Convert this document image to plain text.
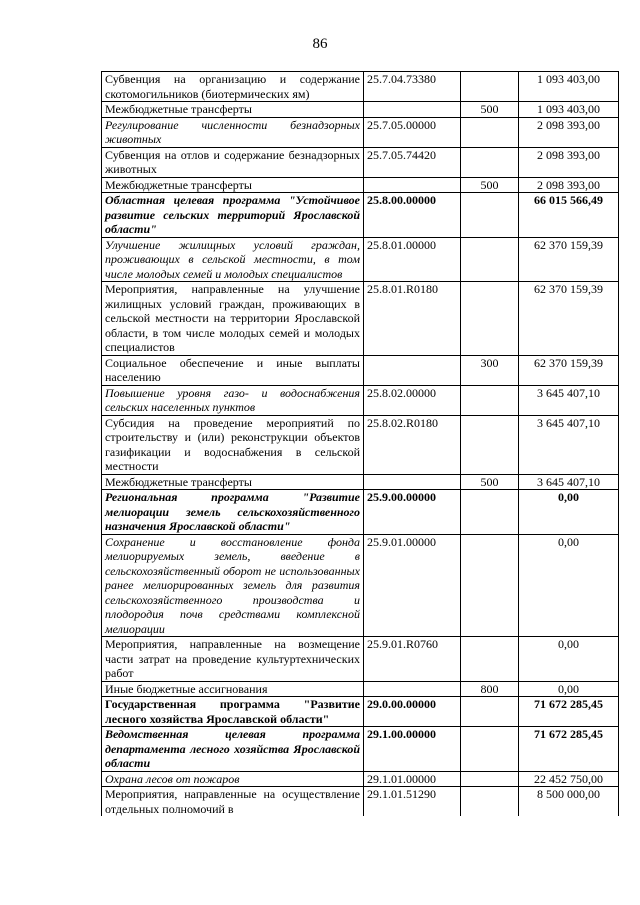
86
Субвенция на организацию и содержание скотомогильников (биотермических ям)	25.7.04.73380		1 093 403,00
Межбюджетные трансферты		500	1 093 403,00
Регулирование численности безнадзорных животных	25.7.05.00000		2 098 393,00
Субвенция на отлов и содержание безнадзорных животных	25.7.05.74420		2 098 393,00
Межбюджетные трансферты		500	2 098 393,00
Областная целевая программа "Устойчивое развитие сельских территорий Ярославской области"	25.8.00.00000		66 015 566,49
Улучшение жилищных условий граждан, проживающих в сельской местности, в том числе молодых семей и молодых специалистов	25.8.01.00000		62 370 159,39
Мероприятия, направленные на улучшение жилищных условий граждан, проживающих в сельской местности на территории Ярославской области, в том числе молодых семей и молодых специалистов	25.8.01.R0180		62 370 159,39
Социальное обеспечение и иные выплаты населению		300	62 370 159,39
Повышение уровня газо- и водоснабжения сельских населенных пунктов	25.8.02.00000		3 645 407,10
Субсидия на проведение мероприятий по строительству и (или) реконструкции объектов газификации и водоснабжения в сельской местности	25.8.02.R0180		3 645 407,10
Межбюджетные трансферты		500	3 645 407,10
Региональная программа "Развитие мелиорации земель сельскохозяйственного назначения Ярославской области"	25.9.00.00000		0,00
Сохранение и восстановление фонда мелиорируемых земель, введение в сельскохозяйственный оборот не использованных ранее мелиорированных земель для развития сельскохозяйственного производства и плодородия почв средствами комплексной мелиорации	25.9.01.00000		0,00
Мероприятия, направленные на возмещение части затрат на проведение культуртехнических работ	25.9.01.R0760		0,00
Иные бюджетные ассигнования		800	0,00
Государственная программа "Развитие лесного хозяйства Ярославской области"	29.0.00.00000		71 672 285,45
Ведомственная целевая программа департамента лесного хозяйства Ярославской области	29.1.00.00000		71 672 285,45
Охрана лесов от пожаров	29.1.01.00000		22 452 750,00
Мероприятия, направленные на осуществление отдельных полномочий в	29.1.01.51290		8 500 000,00
